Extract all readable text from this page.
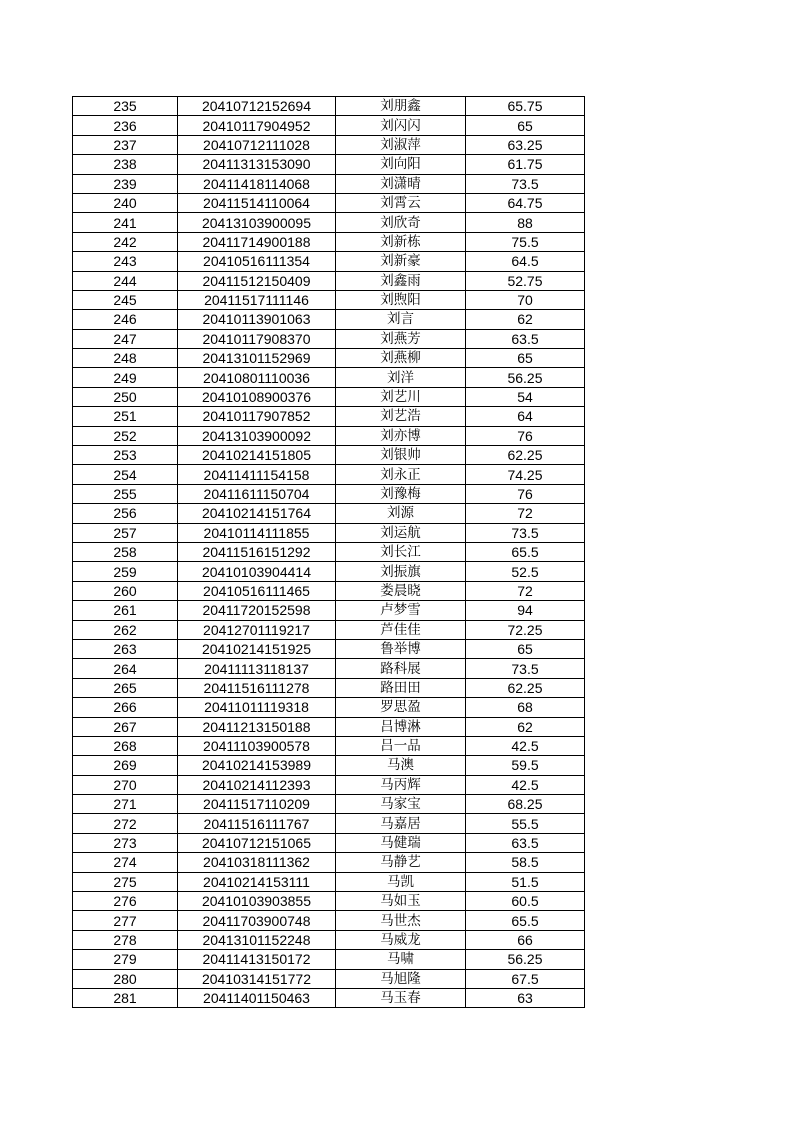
235	20410712152694	刘朋鑫	65.75
236	20410117904952	刘闪闪	65
237	20410712111028	刘淑萍	63.25
238	20411313153090	刘向阳	61.75
239	20411418114068	刘潇晴	73.5
240	20411514110064	刘霄云	64.75
241	20413103900095	刘欣奇	88
242	20411714900188	刘新栋	75.5
243	20410516111354	刘新豪	64.5
244	20411512150409	刘鑫雨	52.75
245	20411517111146	刘煦阳	70
246	20410113901063	刘言	62
247	20410117908370	刘燕芳	63.5
248	20413101152969	刘燕柳	65
249	20410801110036	刘洋	56.25
250	20410108900376	刘艺川	54
251	20410117907852	刘艺浩	64
252	20413103900092	刘亦博	76
253	20410214151805	刘银帅	62.25
254	20411411154158	刘永正	74.25
255	20411611150704	刘豫梅	76
256	20410214151764	刘源	72
257	20410114111855	刘运航	73.5
258	20411516151292	刘长江	65.5
259	20410103904414	刘振旗	52.5
260	20410516111465	娄晨晓	72
261	20411720152598	卢梦雪	94
262	20412701119217	芦佳佳	72.25
263	20410214151925	鲁举博	65
264	20411113118137	路科展	73.5
265	20411516111278	路田田	62.25
266	20411011119318	罗思盈	68
267	20411213150188	吕博淋	62
268	20411103900578	吕一品	42.5
269	20410214153989	马澳	59.5
270	20410214112393	马丙辉	42.5
271	20411517110209	马家宝	68.25
272	20411516111767	马嘉居	55.5
273	20410712151065	马健瑞	63.5
274	20410318111362	马静艺	58.5
275	20410214153111	马凯	51.5
276	20410103903855	马如玉	60.5
277	20411703900748	马世杰	65.5
278	20413101152248	马威龙	66
279	20411413150172	马啸	56.25
280	20410314151772	马旭隆	67.5
281	20411401150463	马玉春	63
